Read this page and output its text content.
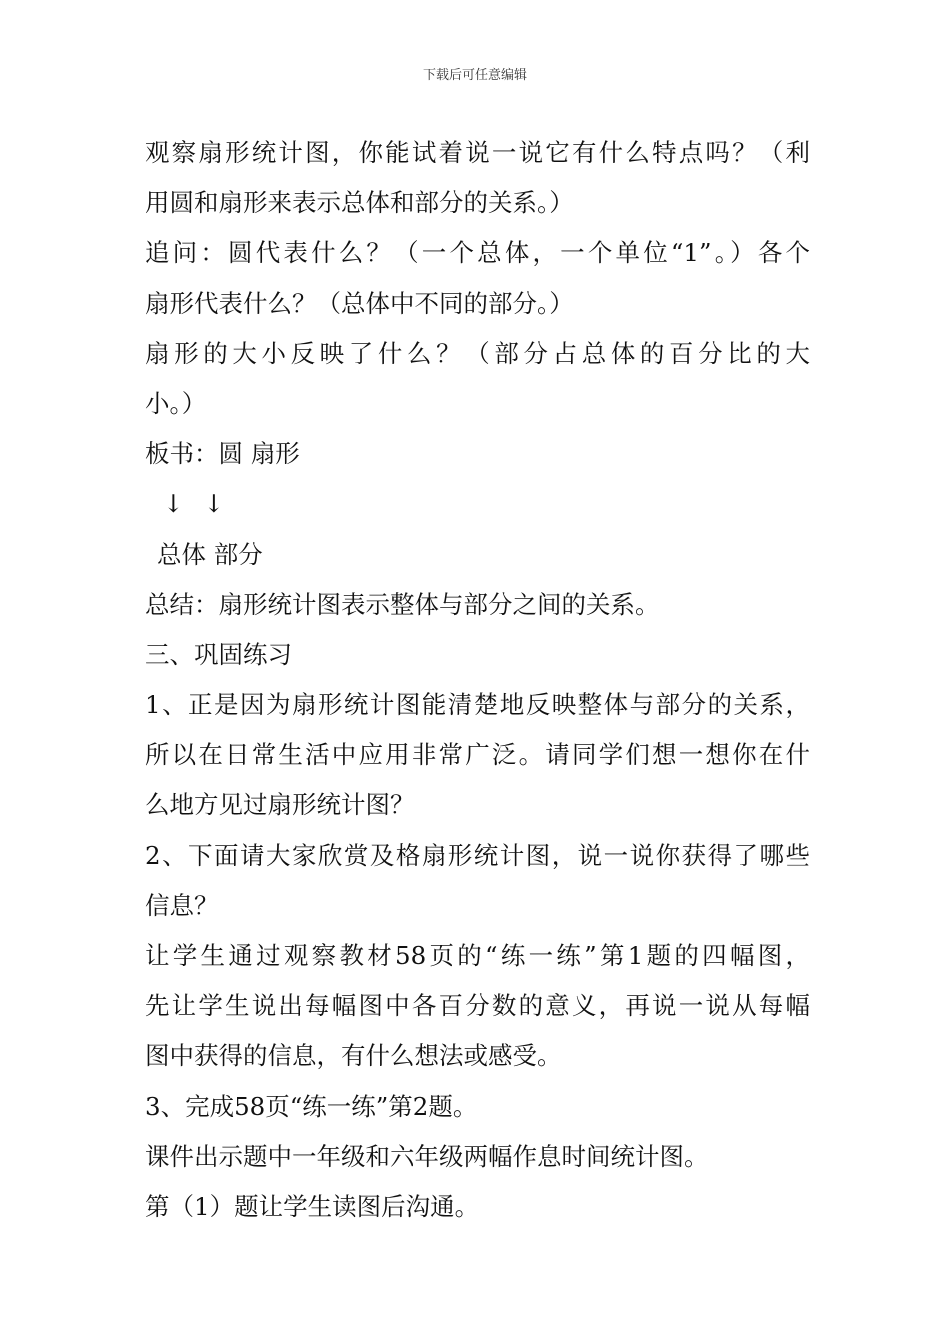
下载后可任意编辑
观察扇形统计图，你能试着说一说它有什么特点吗？（利
用圆和扇形来表示总体和部分的关系。）
追问：圆代表什么？（一个总体，一个单位“1”。）各个
扇形代表什么？（总体中不同的部分。）
扇形的大小反映了什么？（部分占总体的百分比的大
小。）
板书：圆 扇形
↓ ↓
总体 部分
总结：扇形统计图表示整体与部分之间的关系。
三、巩固练习
1、正是因为扇形统计图能清楚地反映整体与部分的关系，
所以在日常生活中应用非常广泛。请同学们想一想你在什
么地方见过扇形统计图？
2、下面请大家欣赏及格扇形统计图，说一说你获得了哪些
信息？
让学生通过观察教材58页的“练一练”第1题的四幅图，
先让学生说出每幅图中各百分数的意义，再说一说从每幅
图中获得的信息，有什么想法或感受。
3、完成58页“练一练”第2题。
课件出示题中一年级和六年级两幅作息时间统计图。
第（1）题让学生读图后沟通。
